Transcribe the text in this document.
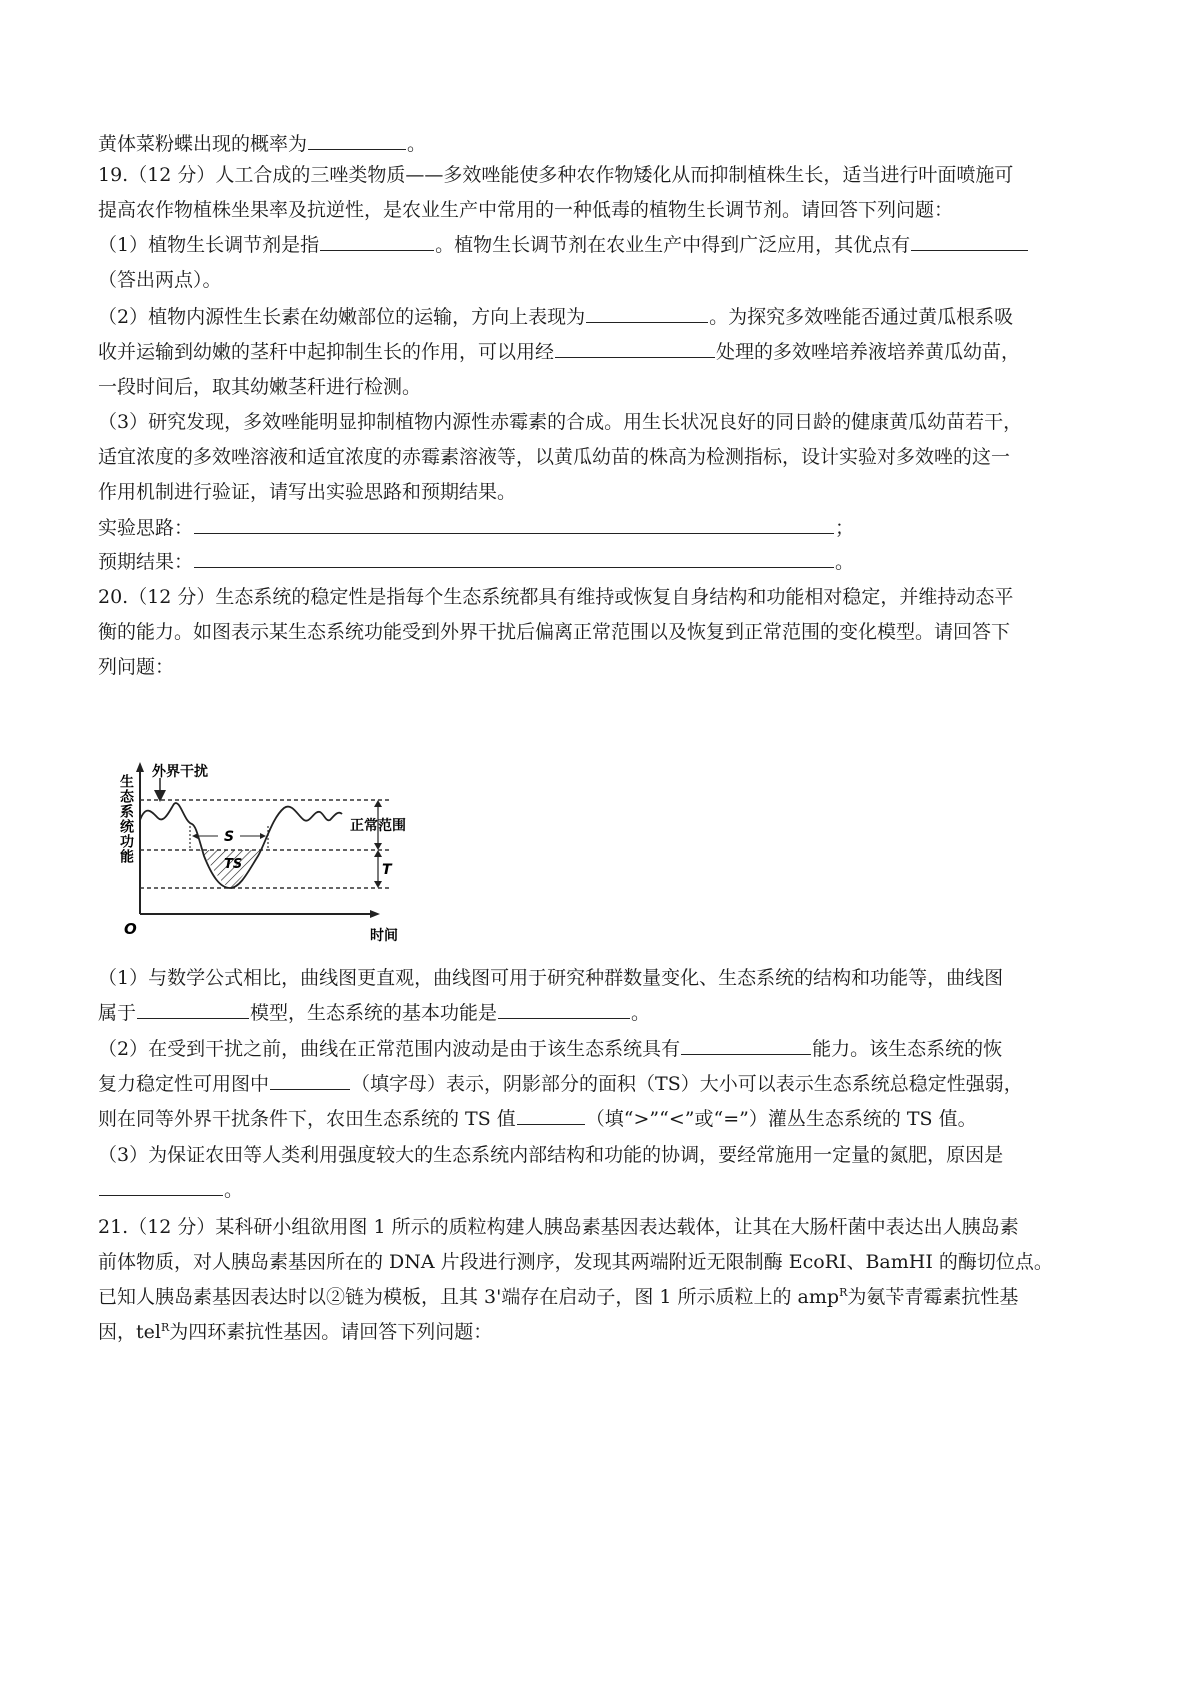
黄体菜粉蝶出现的概率为	。
19.（12 分）人工合成的三唑类物质——多效唑能使多种农作物矮化从而抑制植株生长，适当进行叶面喷施可
提高农作物植株坐果率及抗逆性，是农业生产中常用的一种低毒的植物生长调节剂。请回答下列问题：
（1）植物生长调节剂是指	。植物生长调节剂在农业生产中得到广泛应用，其优点有
（答出两点）。
（2）植物内源性生长素在幼嫩部位的运输，方向上表现为	。为探究多效唑能否通过黄瓜根系吸
收并运输到幼嫩的茎秆中起抑制生长的作用，可以用经	处理的多效唑培养液培养黄瓜幼苗，
一段时间后，取其幼嫩茎秆进行检测。
（3）研究发现，多效唑能明显抑制植物内源性赤霉素的合成。用生长状况良好的同日龄的健康黄瓜幼苗若干，
适宜浓度的多效唑溶液和适宜浓度的赤霉素溶液等，以黄瓜幼苗的株高为检测指标，设计实验对多效唑的这一
作用机制进行验证，请写出实验思路和预期结果。
实验思路：	；
预期结果：	。
20.（12 分）生态系统的稳定性是指每个生态系统都具有维持或恢复自身结构和功能相对稳定，并维持动态平
衡的能力。如图表示某生态系统功能受到外界干扰后偏离正常范围以及恢复到正常范围的变化模型。请回答下
列问题：
生态系统功能
外界干扰
正常范围
S
T
TS
O	时间
（1）与数学公式相比，曲线图更直观，曲线图可用于研究种群数量变化、生态系统的结构和功能等，曲线图
属于	模型，生态系统的基本功能是	。
（2）在受到干扰之前，曲线在正常范围内波动是由于该生态系统具有	能力。该生态系统的恢
复力稳定性可用图中	（填字母）表示，阴影部分的面积（TS）大小可以表示生态系统总稳定性强弱，
则在同等外界干扰条件下，农田生态系统的 TS 值	（填“>”“<”或“=”）灌丛生态系统的 TS 值。
（3）为保证农田等人类利用强度较大的生态系统内部结构和功能的协调，要经常施用一定量的氮肥，原因是
。
21.（12 分）某科研小组欲用图 1 所示的质粒构建人胰岛素基因表达载体，让其在大肠杆菌中表达出人胰岛素
前体物质，对人胰岛素基因所在的 DNA 片段进行测序，发现其两端附近无限制酶 EcoRI、BamHI 的酶切位点。
已知人胰岛素基因表达时以②链为模板，且其 3'端存在启动子，图 1 所示质粒上的 amp$^R$为氨苄青霉素抗性基
因，tel$^R$为四环素抗性基因。请回答下列问题：
